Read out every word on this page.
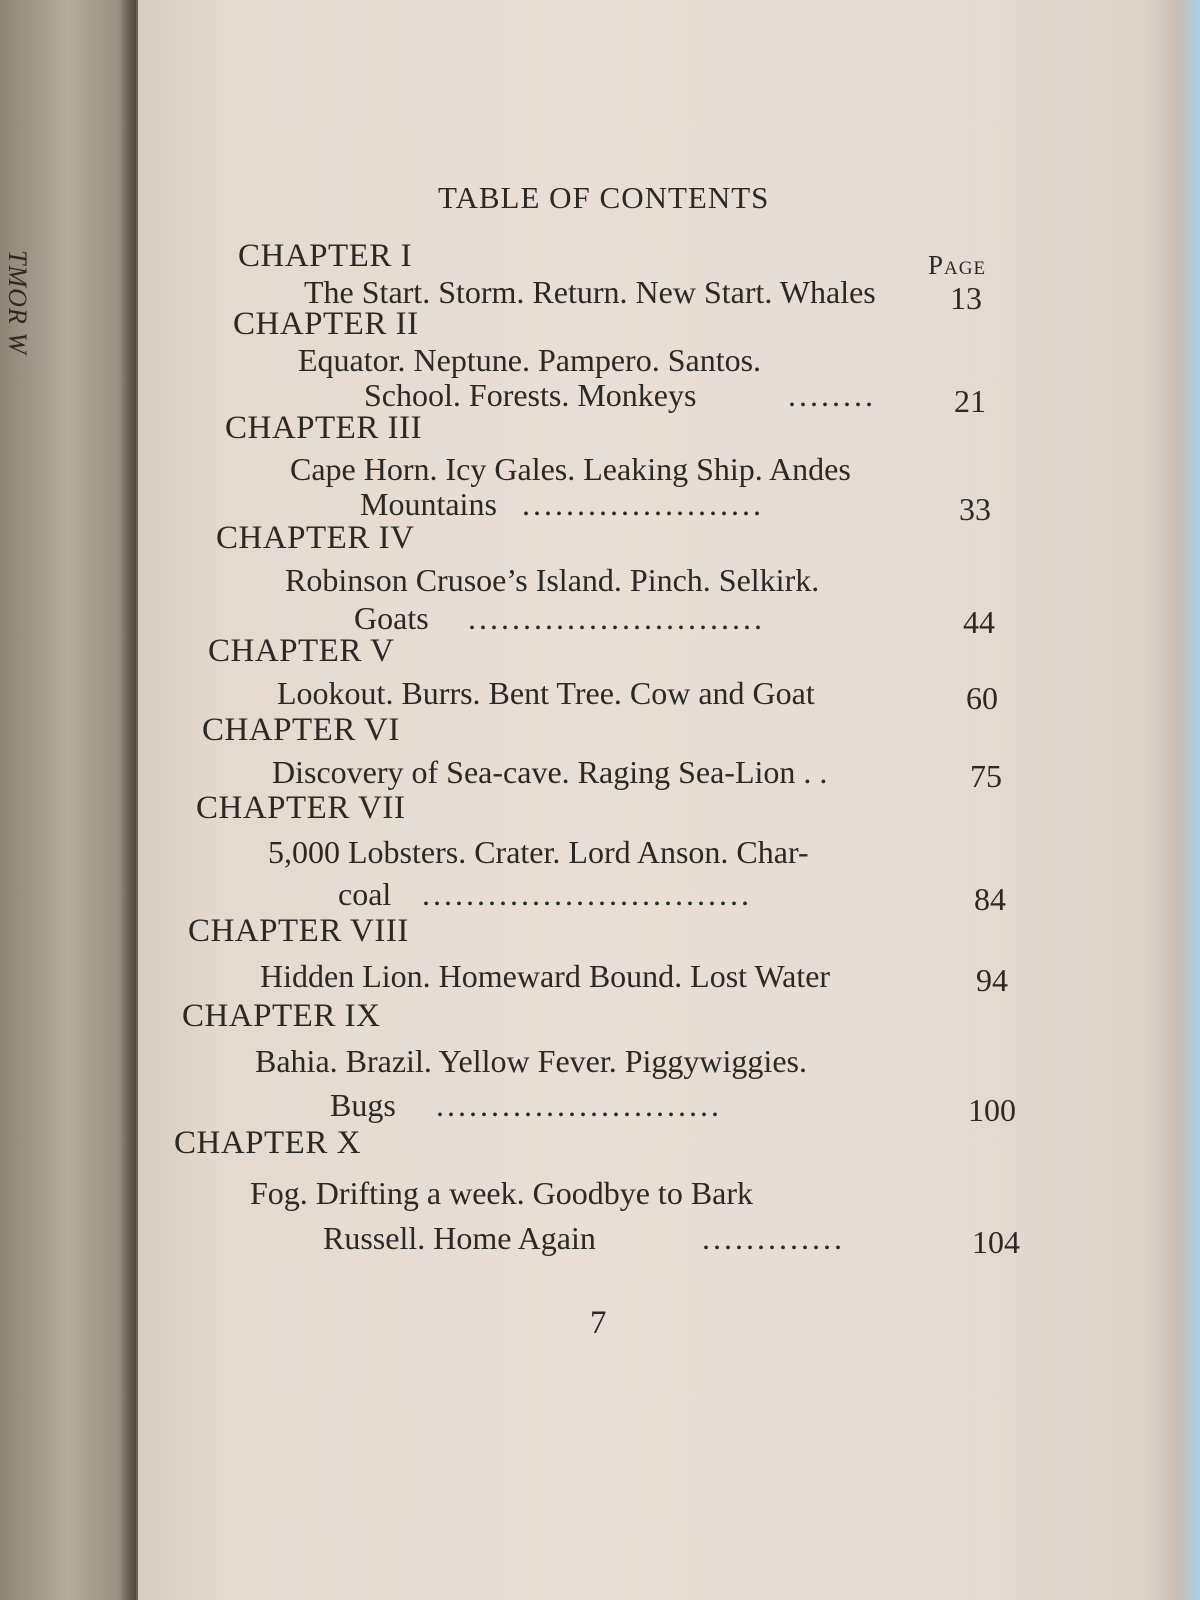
TMOR W
TABLE OF CONTENTS
Page
CHAPTER I
The Start. Storm. Return. New Start. Whales 13
CHAPTER II
Equator. Neptune. Pampero. Santos.
School. Forests. Monkeys	........	21
CHAPTER III
Cape Horn. Icy Gales. Leaking Ship. Andes
Mountains ......................	33
CHAPTER IV
Robinson Crusoe’s Island. Pinch. Selkirk.
Goats ...........................	44
CHAPTER V
Lookout. Burrs. Bent Tree. Cow and Goat	60
CHAPTER VI
Discovery of Sea-cave. Raging Sea-Lion . .	75
CHAPTER VII
5,000 Lobsters. Crater. Lord Anson. Char-
coal ..............................	84
CHAPTER VIII
Hidden Lion. Homeward Bound. Lost Water	94
CHAPTER IX
Bahia. Brazil. Yellow Fever. Piggywiggies.
Bugs ..........................	100
CHAPTER X
Fog. Drifting a week. Goodbye to Bark
Russell. Home Again	.............	104
7
